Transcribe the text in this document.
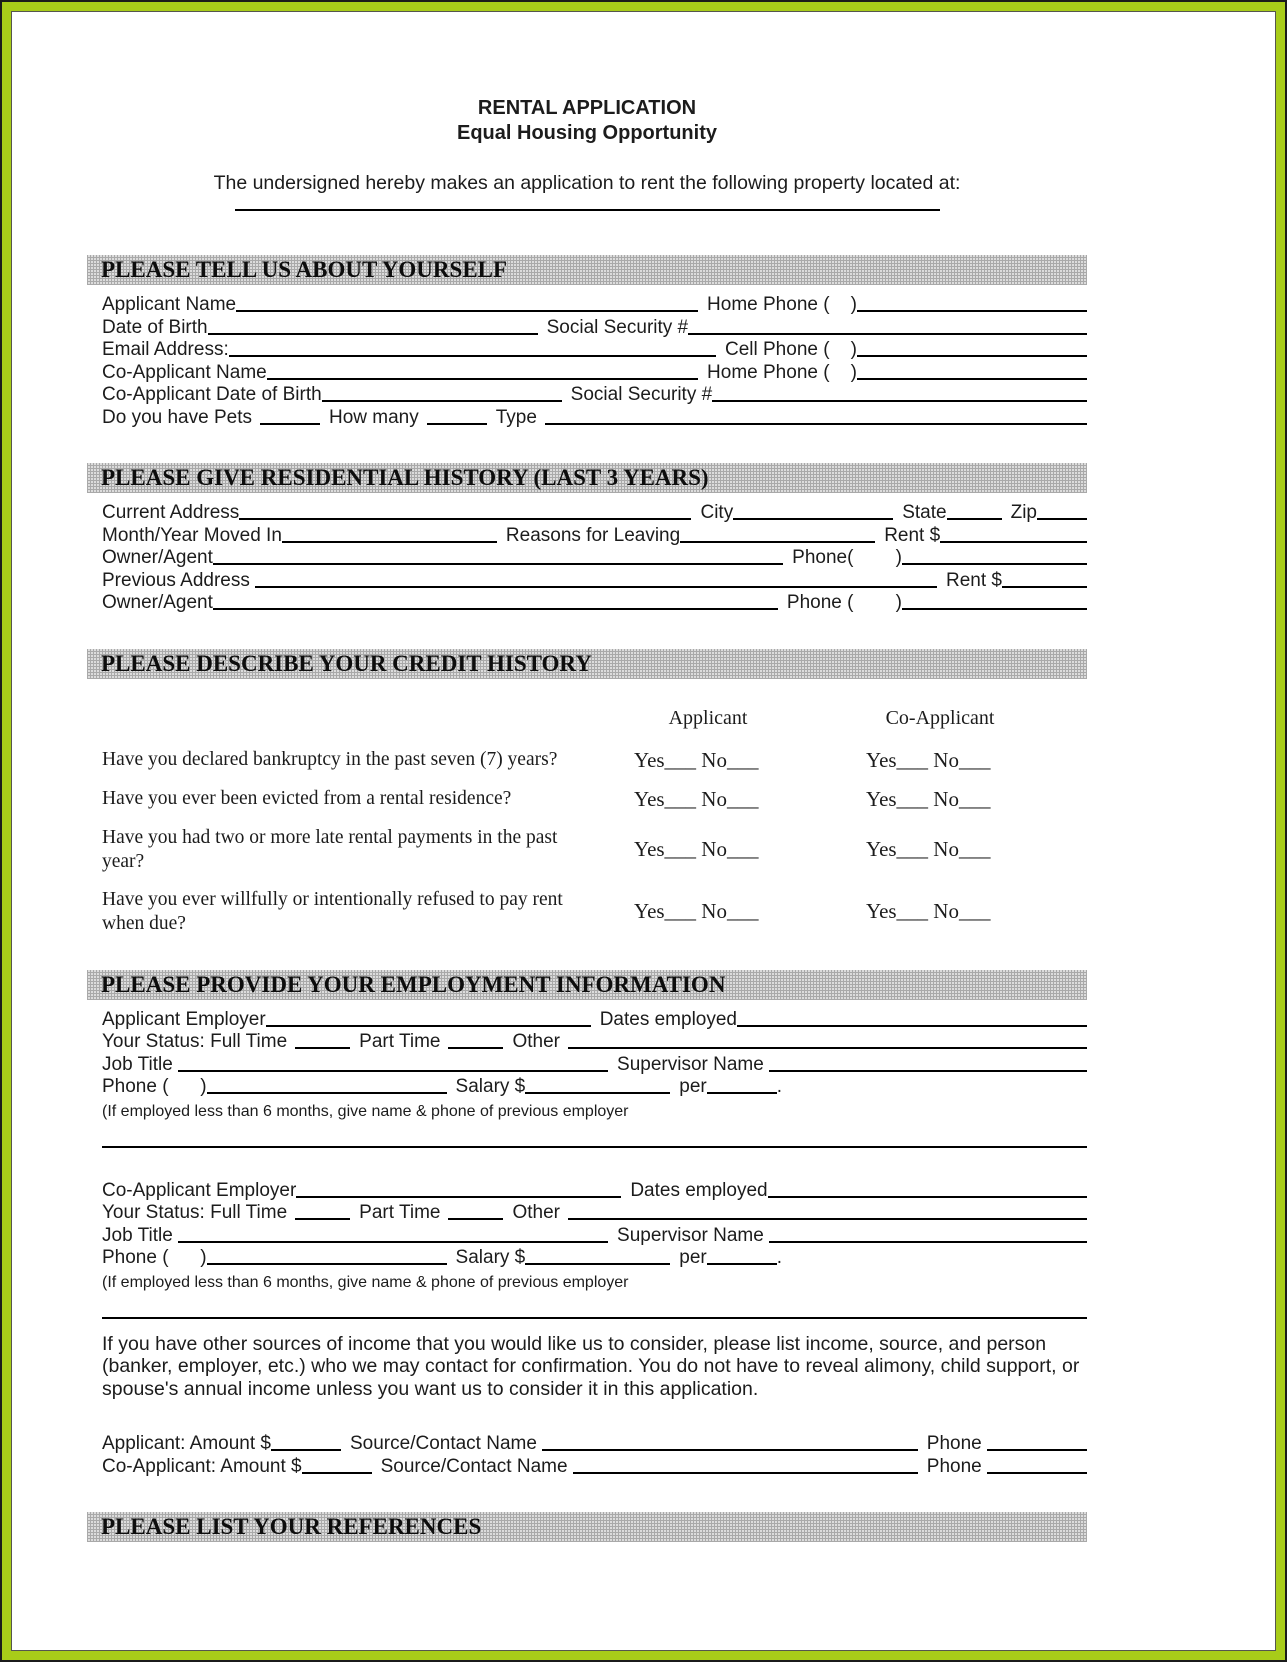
RENTAL APPLICATION
Equal Housing Opportunity

The undersigned hereby makes an application to rent the following property located at:

PLEASE TELL US ABOUT YOURSELF
Applicant Name	Home Phone (    )
Date of Birth	Social Security #
Email Address:	Cell Phone (    )
Co-Applicant Name	Home Phone (    )
Co-Applicant Date of Birth	Social Security #
Do you have Pets	How many	Type
PLEASE GIVE RESIDENTIAL HISTORY (LAST 3 YEARS)
Current Address	City	State	Zip
Month/Year Moved In	Reasons for Leaving	Rent $
Owner/Agent	Phone(        )
Previous Address	Rent $
Owner/Agent	Phone (        )
PLEASE DESCRIBE YOUR CREDIT HISTORY
Applicant	Co-Applicant
Have you declared bankruptcy in the past seven (7) years?	Yes___ No___	Yes___ No___
Have you ever been evicted from a rental residence?	Yes___ No___	Yes___ No___
Have you had two or more late rental payments in the past year?	Yes___ No___	Yes___ No___
Have you ever willfully or intentionally refused to pay rent when due?	Yes___ No___	Yes___ No___
PLEASE PROVIDE YOUR EMPLOYMENT INFORMATION
Applicant Employer	Dates employed
Your Status: Full Time	Part Time	Other
Job Title	Supervisor Name
Phone (      )	Salary $	per	.
(If employed less than 6 months, give name & phone of previous employer
Co-Applicant Employer	Dates employed
Your Status: Full Time	Part Time	Other
Job Title	Supervisor Name
Phone (      )	Salary $	per	.
(If employed less than 6 months, give name & phone of previous employer

If you have other sources of income that you would like us to consider, please list income, source, and person (banker, employer, etc.) who we may contact for confirmation. You do not have to reveal alimony, child support, or spouse's annual income unless you want us to consider it in this application.

Applicant: Amount $	Source/Contact Name	Phone
Co-Applicant: Amount $	Source/Contact Name	Phone
PLEASE LIST YOUR REFERENCES
